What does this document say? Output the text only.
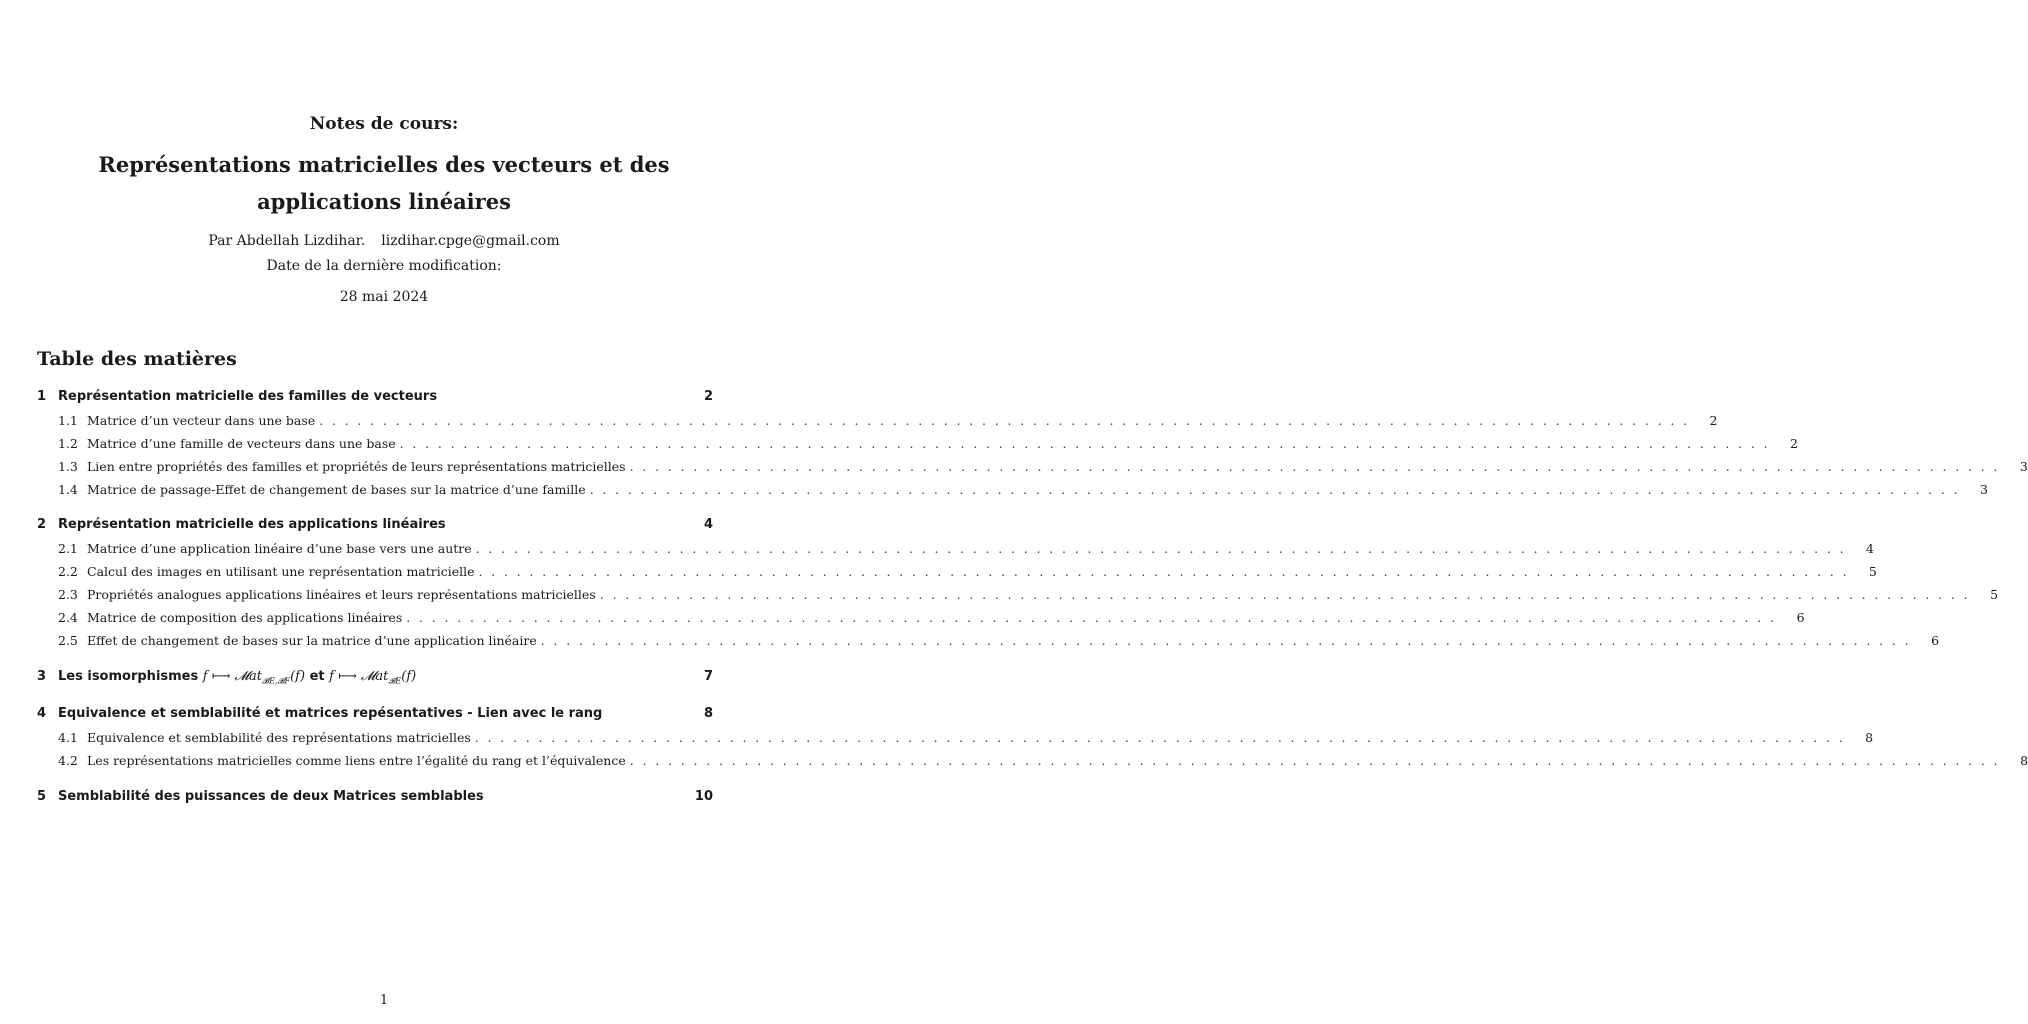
Notes de cours:
Représentations matricielles des vecteurs et des applications linéaires
Par Abdellah Lizdihar. lizdihar.cpge@gmail.com
Date de la dernière modification:
28 mai 2024
Table des matières
1 Représentation matricielle des familles de vecteurs	2
1.1 Matrice d’un vecteur dans une base . . .	2
1.2 Matrice d’une famille de vecteurs dans une base . . .	2
1.3 Lien entre propriétés des familles et propriétés de leurs représentations matricielles . . .	3
1.4 Matrice de passage-Effet de changement de bases sur la matrice d’une famille . . .	3
2 Représentation matricielle des applications linéaires	4
2.1 Matrice d’une application linéaire d’une base vers une autre . . .	4
2.2 Calcul des images en utilisant une représentation matricielle . . .	5
2.3 Propriétés analogues applications linéaires et leurs représentations matricielles . . .	5
2.4 Matrice de composition des applications linéaires . . .	6
2.5 Effet de changement de bases sur la matrice d’une application linéaire . . .	6
3 Les isomorphismes f ⟼ 𝓜at$_{𝓑E,𝓑F}$(f) et f ⟼ 𝓜at$_{𝓑E}$(f)	7
4 Equivalence et semblabilité et matrices repésentatives - Lien avec le rang	8
4.1 Equivalence et semblabilité des représentations matricielles . . .	8
4.2 Les représentations matricielles comme liens entre l’égalité du rang et l’équivalence . . .	8
5 Semblabilité des puissances de deux Matrices semblables	10
1
